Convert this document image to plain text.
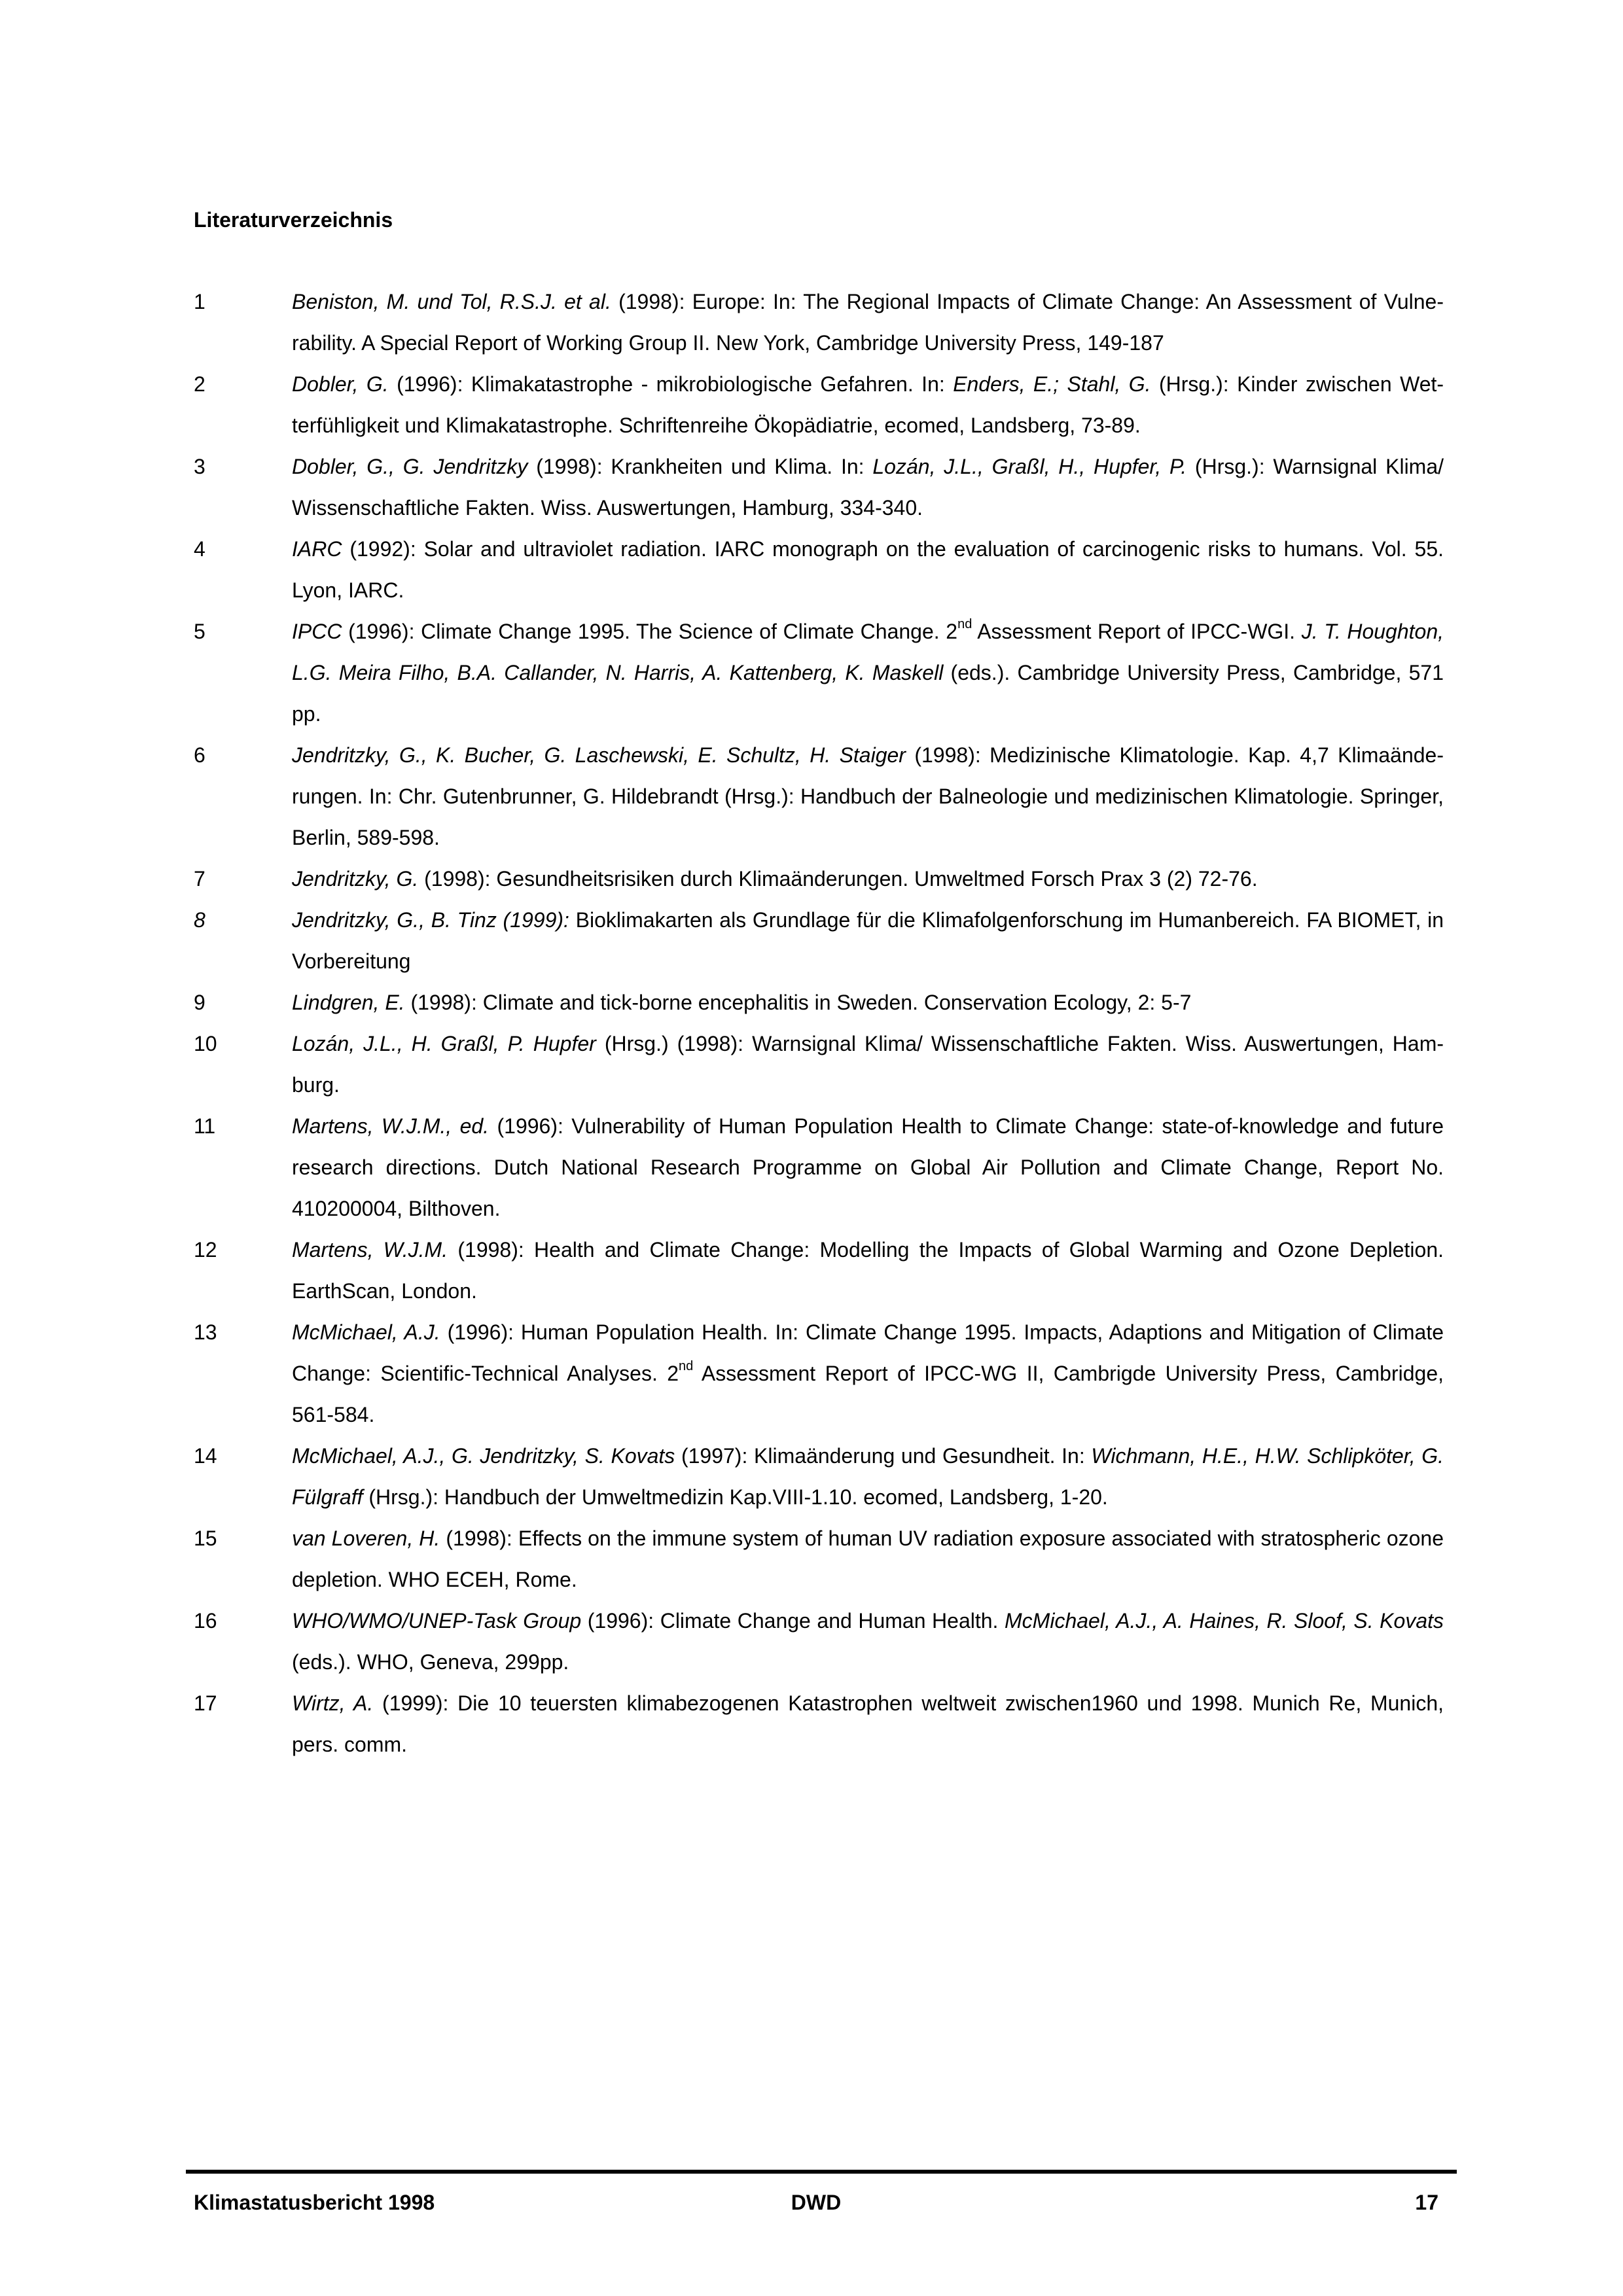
Literaturverzeichnis
1	Beniston, M. und Tol, R.S.J. et al. (1998): Europe: In: The Regional Impacts of Climate Change: An Assessment of Vulnerability. A Special Report of Working Group II. New York, Cambridge University Press, 149-187
2	Dobler, G. (1996): Klimakatastrophe - mikrobiologische Gefahren. In: Enders, E.; Stahl, G. (Hrsg.): Kinder zwischen Wetterfühligkeit und Klimakatastrophe. Schriftenreihe Ökopädiatrie, ecomed, Landsberg, 73-89.
3	Dobler, G., G. Jendritzky (1998): Krankheiten und Klima. In: Lozán, J.L., Graßl, H., Hupfer, P. (Hrsg.): Warnsignal Klima/ Wissenschaftliche Fakten. Wiss. Auswertungen, Hamburg, 334-340.
4	IARC (1992): Solar and ultraviolet radiation. IARC monograph on the evaluation of carcinogenic risks to humans. Vol. 55. Lyon, IARC.
5	IPCC (1996): Climate Change 1995. The Science of Climate Change. 2nd Assessment Report of IPCC-WGI. J. T. Houghton, L.G. Meira Filho, B.A. Callander, N. Harris, A. Kattenberg, K. Maskell (eds.). Cambridge University Press, Cambridge, 571 pp.
6	Jendritzky, G., K. Bucher, G. Laschewski, E. Schultz, H. Staiger (1998): Medizinische Klimatologie. Kap. 4,7 Klimaänderungen. In: Chr. Gutenbrunner, G. Hildebrandt (Hrsg.): Handbuch der Balneologie und medizinischen Klimatologie. Springer, Berlin, 589-598.
7	Jendritzky, G. (1998): Gesundheitsrisiken durch Klimaänderungen. Umweltmed Forsch Prax 3 (2) 72-76.
8	Jendritzky, G., B. Tinz (1999): Bioklimakarten als Grundlage für die Klimafolgenforschung im Humanbereich. FA BIOMET, in Vorbereitung
9	Lindgren, E. (1998): Climate and tick-borne encephalitis in Sweden. Conservation Ecology, 2: 5-7
10	Lozán, J.L., H. Graßl, P. Hupfer (Hrsg.) (1998): Warnsignal Klima/ Wissenschaftliche Fakten. Wiss. Auswertungen, Hamburg.
11	Martens, W.J.M., ed. (1996): Vulnerability of Human Population Health to Climate Change: state-of-knowledge and future research directions. Dutch National Research Programme on Global Air Pollution and Climate Change, Report No. 410200004, Bilthoven.
12	Martens, W.J.M. (1998): Health and Climate Change: Modelling the Impacts of Global Warming and Ozone Depletion. EarthScan, London.
13	McMichael, A.J. (1996): Human Population Health. In: Climate Change 1995. Impacts, Adaptions and Mitigation of Climate Change: Scientific-Technical Analyses. 2nd Assessment Report of IPCC-WG II, Cambrigde University Press, Cambridge, 561-584.
14	McMichael, A.J., G. Jendritzky, S. Kovats (1997): Klimaänderung und Gesundheit. In: Wichmann, H.E., H.W. Schlipköter, G. Fülgraff (Hrsg.): Handbuch der Umweltmedizin Kap.VIII-1.10. ecomed, Landsberg, 1-20.
15	van Loveren, H. (1998): Effects on the immune system of human UV radiation exposure associated with stratospheric ozone depletion. WHO ECEH, Rome.
16	WHO/WMO/UNEP-Task Group (1996): Climate Change and Human Health. McMichael, A.J., A. Haines, R. Sloof, S. Kovats (eds.). WHO, Geneva, 299pp.
17	Wirtz, A. (1999): Die 10 teuersten klimabezogenen Katastrophen weltweit zwischen1960 und 1998. Munich Re, Munich, pers. comm.
Klimastatusbericht 1998	DWD	17
